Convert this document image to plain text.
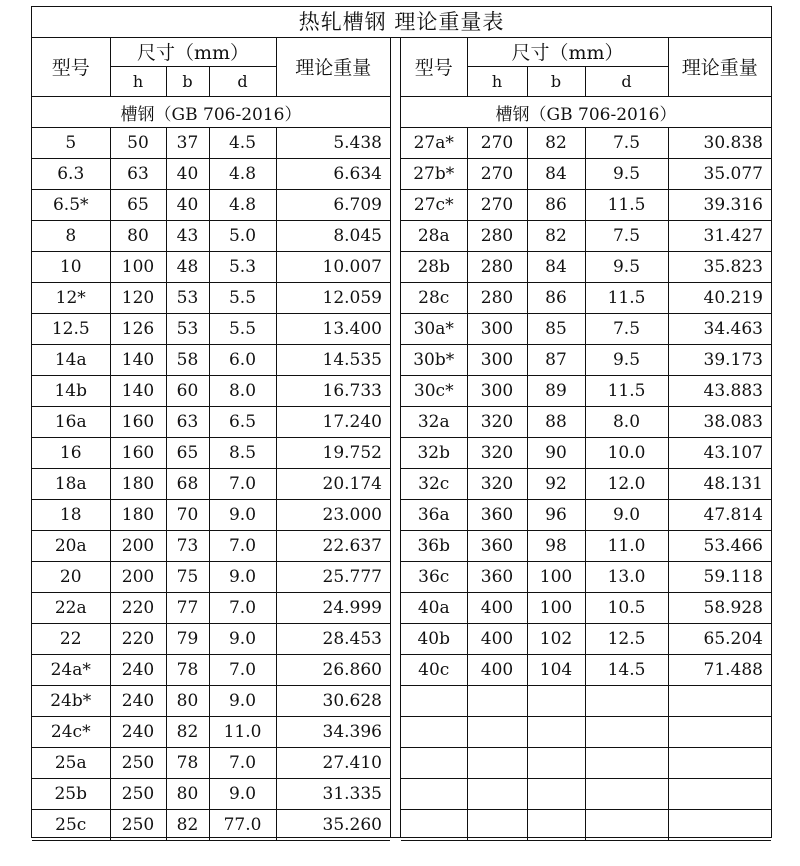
热轧槽钢 理论重量表
型号	尺寸（mm）			理论重量
	h	b	d	
槽钢（GB 706-2016）				
5	50	37	4.5	5.438
6.3	63	40	4.8	6.634
6.5*	65	40	4.8	6.709
8	80	43	5.0	8.045
10	100	48	5.3	10.007
12*	120	53	5.5	12.059
12.5	126	53	5.5	13.400
14a	140	58	6.0	14.535
14b	140	60	8.0	16.733
16a	160	63	6.5	17.240
16	160	65	8.5	19.752
18a	180	68	7.0	20.174
18	180	70	9.0	23.000
20a	200	73	7.0	22.637
20	200	75	9.0	25.777
22a	220	77	7.0	24.999
22	220	79	9.0	28.453
24a*	240	78	7.0	26.860
24b*	240	80	9.0	30.628
24c*	240	82	11.0	34.396
25a	250	78	7.0	27.410
25b	250	80	9.0	31.335
25c	250	82	77.0	35.260
型号	尺寸（mm）			理论重量
	h	b	d	
槽钢（GB 706-2016）				
27a*	270	82	7.5	30.838
27b*	270	84	9.5	35.077
27c*	270	86	11.5	39.316
28a	280	82	7.5	31.427
28b	280	84	9.5	35.823
28c	280	86	11.5	40.219
30a*	300	85	7.5	34.463
30b*	300	87	9.5	39.173
30c*	300	89	11.5	43.883
32a	320	88	8.0	38.083
32b	320	90	10.0	43.107
32c	320	92	12.0	48.131
36a	360	96	9.0	47.814
36b	360	98	11.0	53.466
36c	360	100	13.0	59.118
40a	400	100	10.5	58.928
40b	400	102	12.5	65.204
40c	400	104	14.5	71.488
